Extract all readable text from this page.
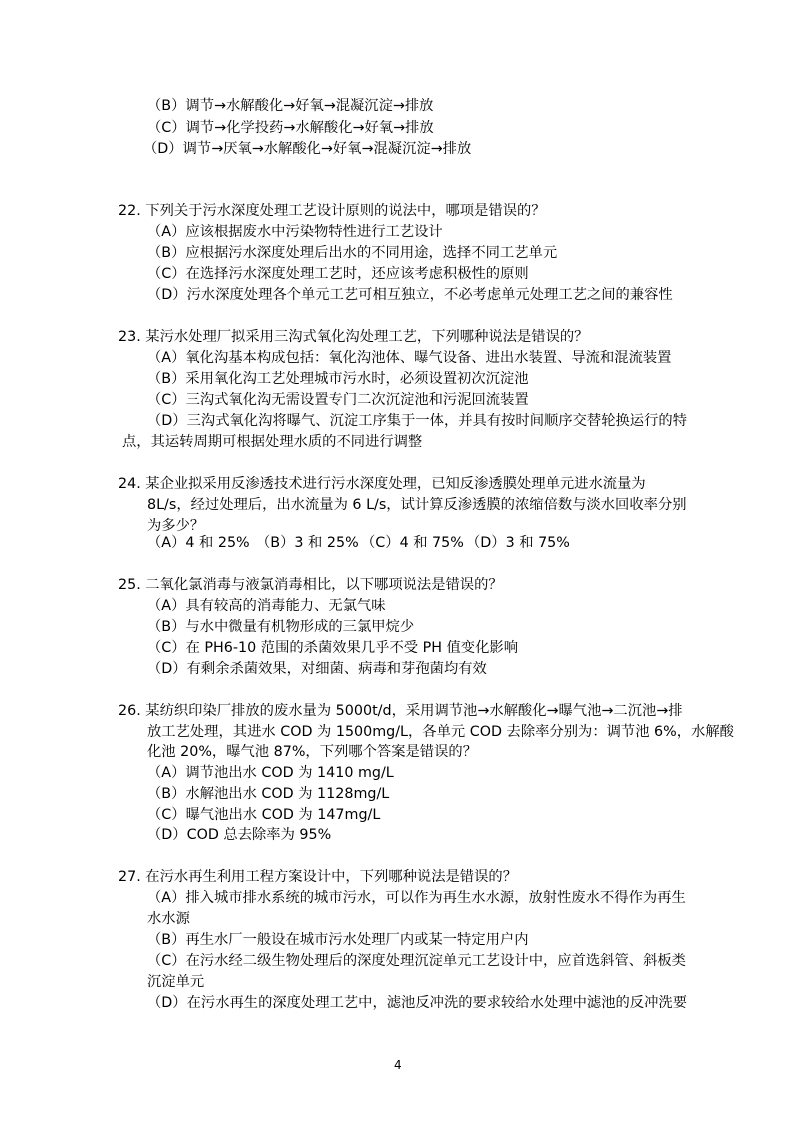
（B）调节→水解酸化→好氧→混凝沉淀→排放
（C）调节→化学投药→水解酸化→好氧→排放
（D）调节→厌氧→水解酸化→好氧→混凝沉淀→排放
22. 下列关于污水深度处理工艺设计原则的说法中，哪项是错误的？
（A）应该根据废水中污染物特性进行工艺设计
（B）应根据污水深度处理后出水的不同用途，选择不同工艺单元
（C）在选择污水深度处理工艺时，还应该考虑积极性的原则
（D）污水深度处理各个单元工艺可相互独立，不必考虑单元处理工艺之间的兼容性
23. 某污水处理厂拟采用三沟式氧化沟处理工艺，下列哪种说法是错误的？
（A）氧化沟基本构成包括：氧化沟池体、曝气设备、进出水装置、导流和混流装置
（B）采用氧化沟工艺处理城市污水时，必须设置初次沉淀池
（C）三沟式氧化沟无需设置专门二次沉淀池和污泥回流装置
（D）三沟式氧化沟将曝气、沉淀工序集于一体，并具有按时间顺序交替轮换运行的特
点，其运转周期可根据处理水质的不同进行调整
24. 某企业拟采用反渗透技术进行污水深度处理，已知反渗透膜处理单元进水流量为
8L/s，经过处理后，出水流量为 6 L/s，试计算反渗透膜的浓缩倍数与淡水回收率分别
为多少？
（A）4 和 25% （B）3 和 25% （C）4 和 75% （D）3 和 75%
25. 二氧化氯消毒与液氯消毒相比，以下哪项说法是错误的？
（A）具有较高的消毒能力、无氯气味
（B）与水中微量有机物形成的三氯甲烷少
（C）在 PH6-10 范围的杀菌效果几乎不受 PH 值变化影响
（D）有剩余杀菌效果，对细菌、病毒和芽孢菌均有效
26. 某纺织印染厂排放的废水量为 5000t/d，采用调节池→水解酸化→曝气池→二沉池→排
放工艺处理，其进水 COD 为 1500mg/L，各单元 COD 去除率分别为：调节池 6%，水解酸
化池 20%，曝气池 87%，下列哪个答案是错误的？
（A）调节池出水 COD 为 1410 mg/L
（B）水解池出水 COD 为 1128mg/L
（C）曝气池出水 COD 为 147mg/L
（D）COD 总去除率为 95%
27. 在污水再生利用工程方案设计中，下列哪种说法是错误的？
（A）排入城市排水系统的城市污水，可以作为再生水水源，放射性废水不得作为再生
水水源
（B）再生水厂一般设在城市污水处理厂内或某一特定用户内
（C）在污水经二级生物处理后的深度处理沉淀单元工艺设计中，应首选斜管、斜板类
沉淀单元
（D）在污水再生的深度处理工艺中，滤池反冲洗的要求较给水处理中滤池的反冲洗要
4
